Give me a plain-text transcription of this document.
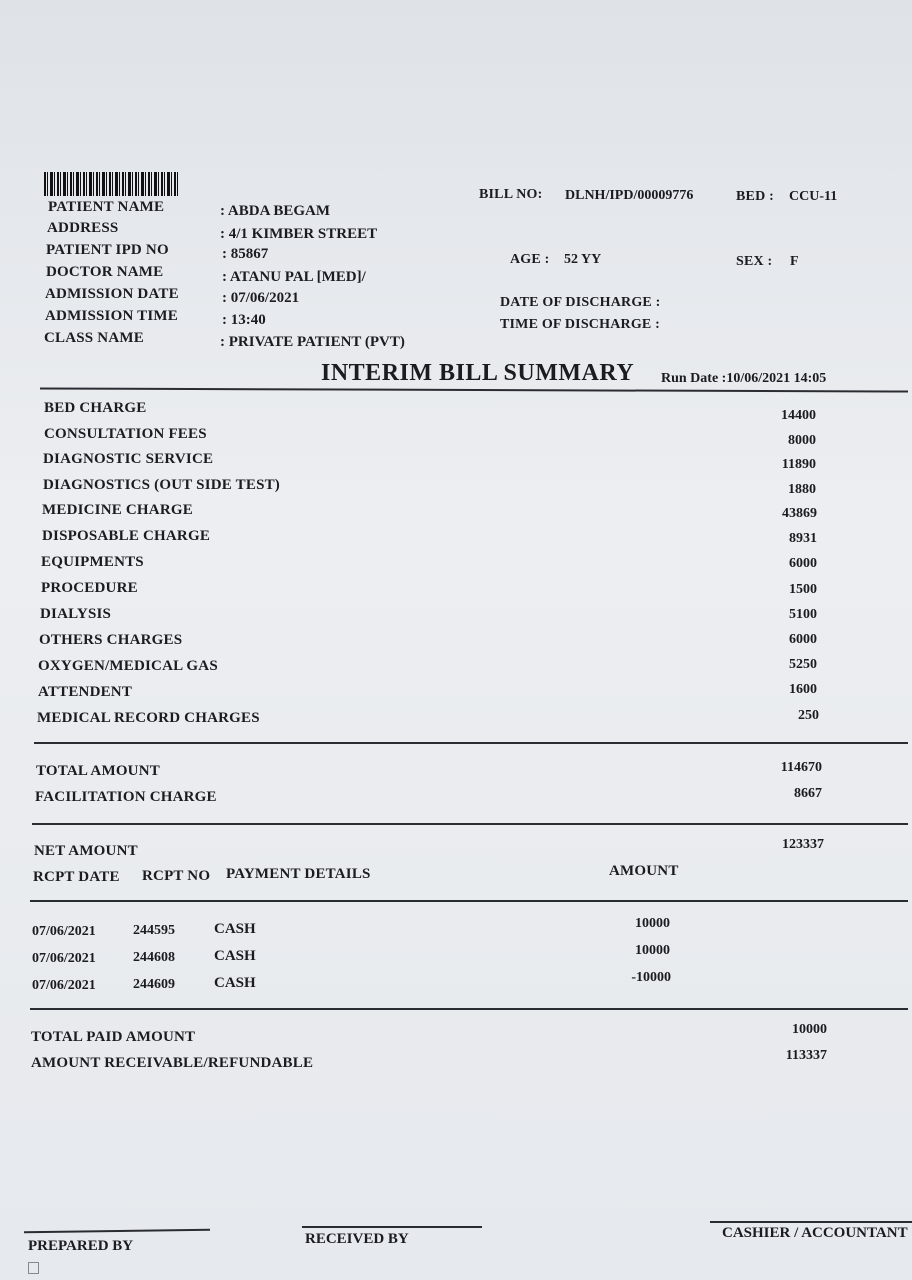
PATIENT NAME	: ABDA BEGAM
ADDRESS	: 4/1 KIMBER STREET
PATIENT IPD NO	: 85867
DOCTOR NAME	: ATANU PAL [MED]/
ADMISSION DATE	: 07/06/2021
ADMISSION TIME	: 13:40
CLASS NAME	: PRIVATE PATIENT (PVT)
BILL NO: DLNH/IPD/00009776	BED : CCU-11
AGE : 52 YY	SEX : F
DATE OF DISCHARGE :
TIME OF DISCHARGE :
INTERIM BILL SUMMARY Run Date :10/06/2021 14:05
BED CHARGE	14400
CONSULTATION FEES	8000
DIAGNOSTIC SERVICE	11890
DIAGNOSTICS (OUT SIDE TEST)	1880
MEDICINE CHARGE	43869
DISPOSABLE CHARGE	8931
EQUIPMENTS	6000
PROCEDURE	1500
DIALYSIS	5100
OTHERS CHARGES	6000
OXYGEN/MEDICAL GAS	5250
ATTENDENT	1600
MEDICAL RECORD CHARGES	250
TOTAL AMOUNT	114670
FACILITATION CHARGE	8667
NET AMOUNT	123337
RCPT DATE RCPT NO PAYMENT DETAILS	AMOUNT
07/06/2021	244595	CASH	10000
07/06/2021	244608	CASH	10000
07/06/2021	244609	CASH	-10000
TOTAL PAID AMOUNT	10000
AMOUNT RECEIVABLE/REFUNDABLE	113337
PREPARED BY	RECEIVED BY	CASHIER / ACCOUNTANT
